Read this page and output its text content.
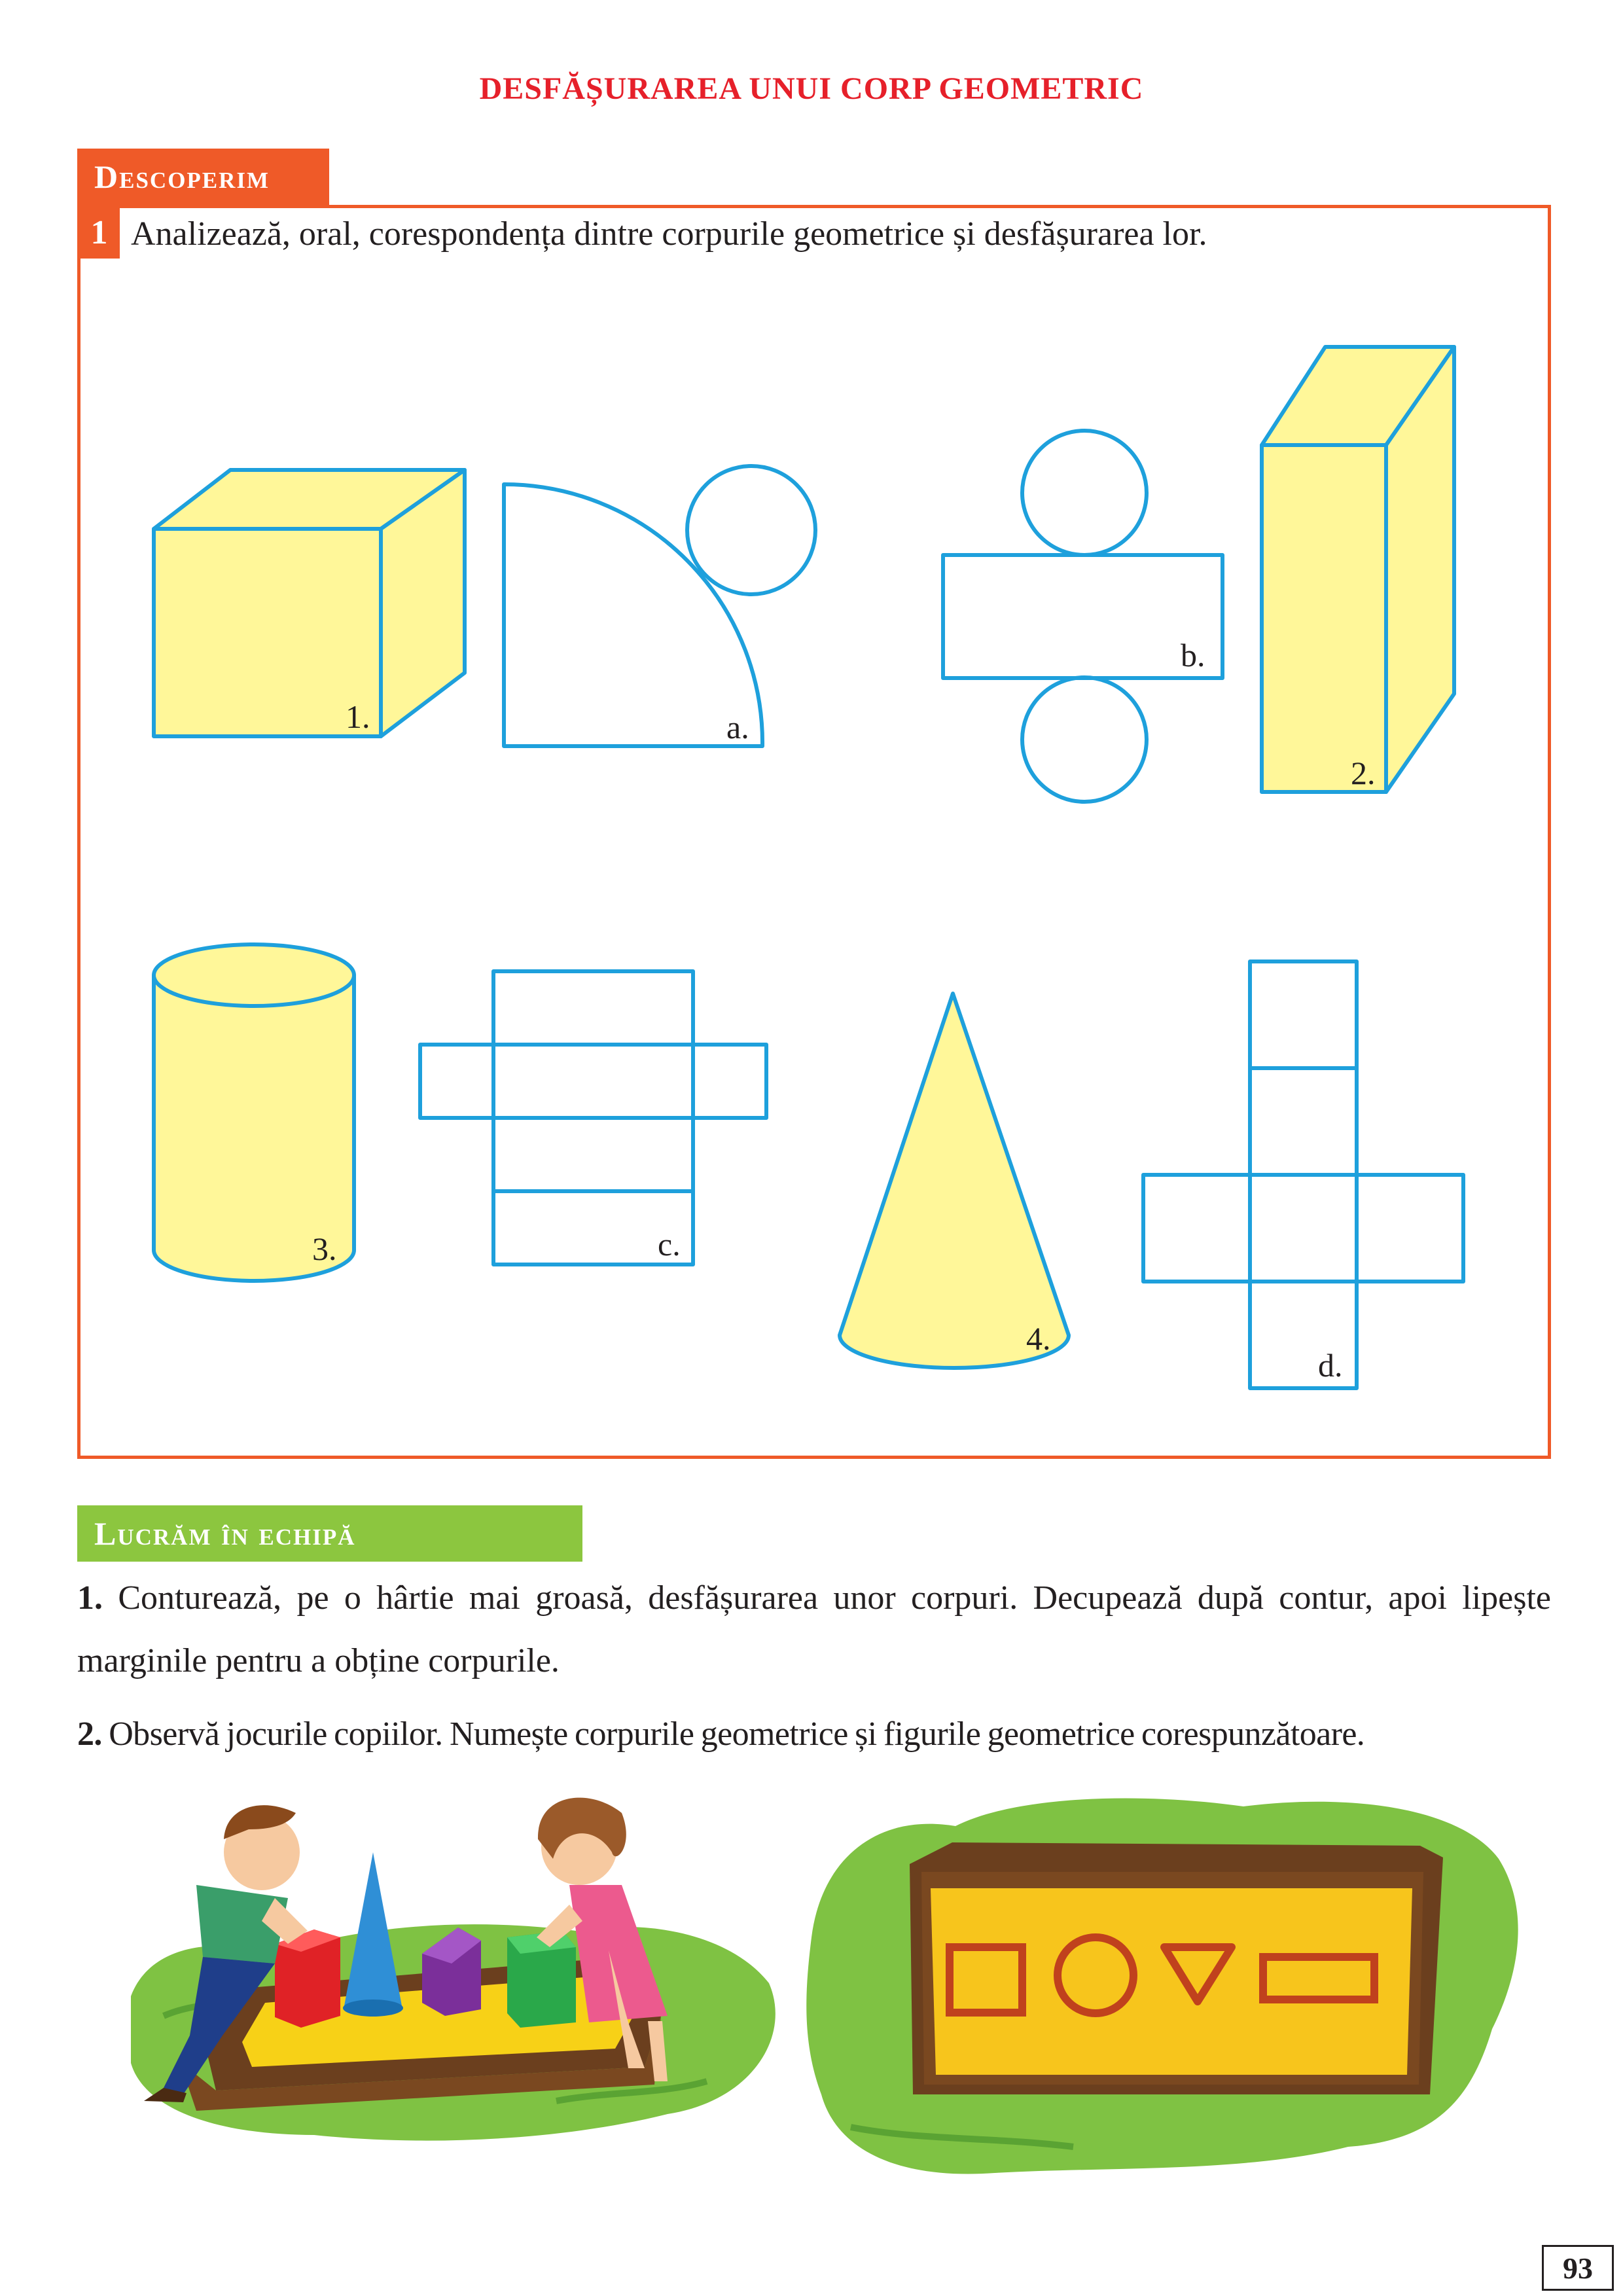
DESFĂȘURAREA UNUI CORP GEOMETRIC
Descoperim
1 Analizează, oral, corespondența dintre corpurile geometrice și desfășurarea lor.
1.	a.
b.
2.
3.	c.
4.
d.
Lucrăm în echipă
1. Conturează, pe o hârtie mai groasă, desfășurarea unor corpuri. Decupează după contur, apoi lipește marginile pentru a obține corpurile.
2. Observă jocurile copiilor. Numește corpurile geometrice și figurile geometrice corespunzătoare.
93
